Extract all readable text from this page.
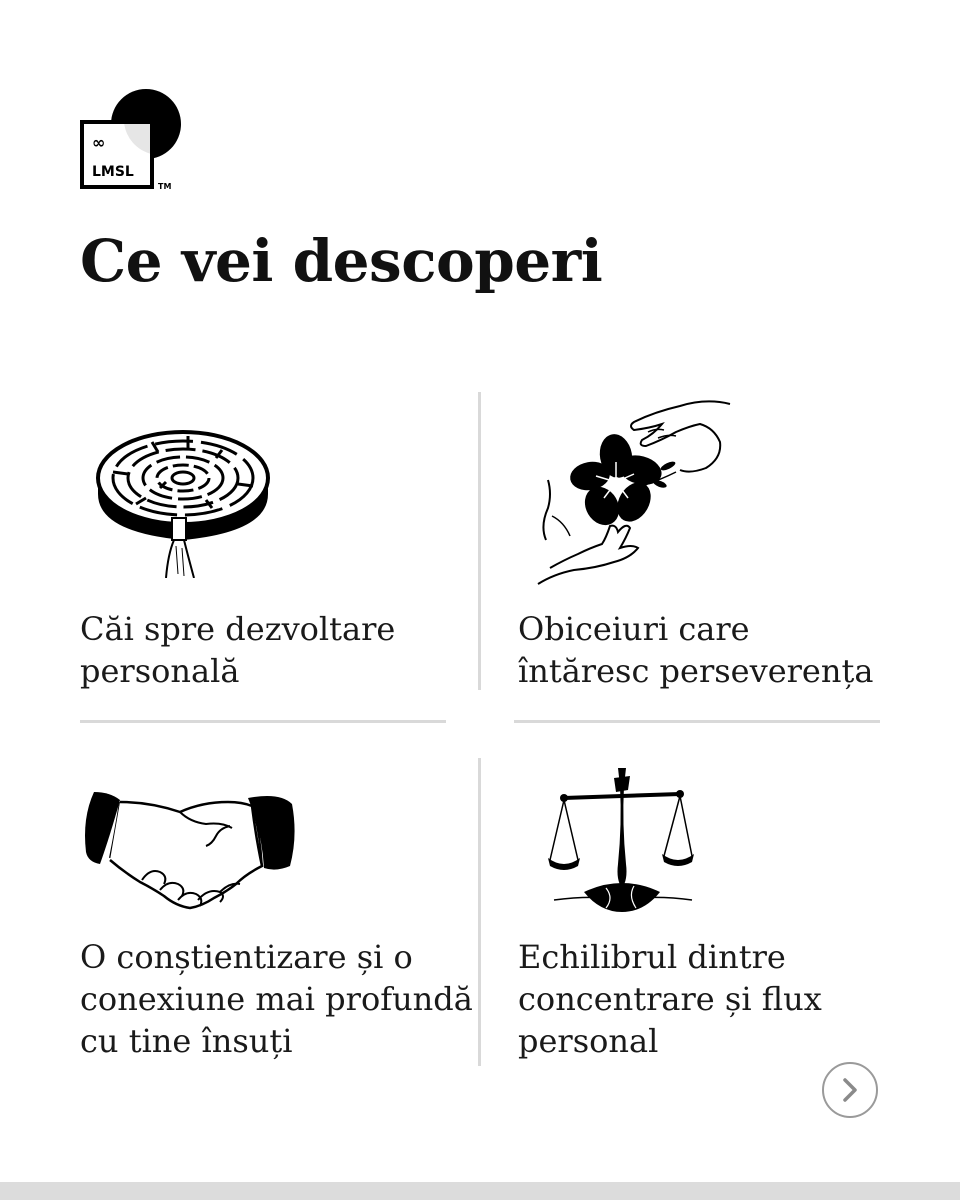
∞
LMSL
TM
Ce vei descoperi

Căi spre dezvoltare
personală

Obiceiuri care
întăresc perseverența

O conștientizare și o
conexiune mai profundă
cu tine însuți

Echilibrul dintre
concentrare și flux
personal
